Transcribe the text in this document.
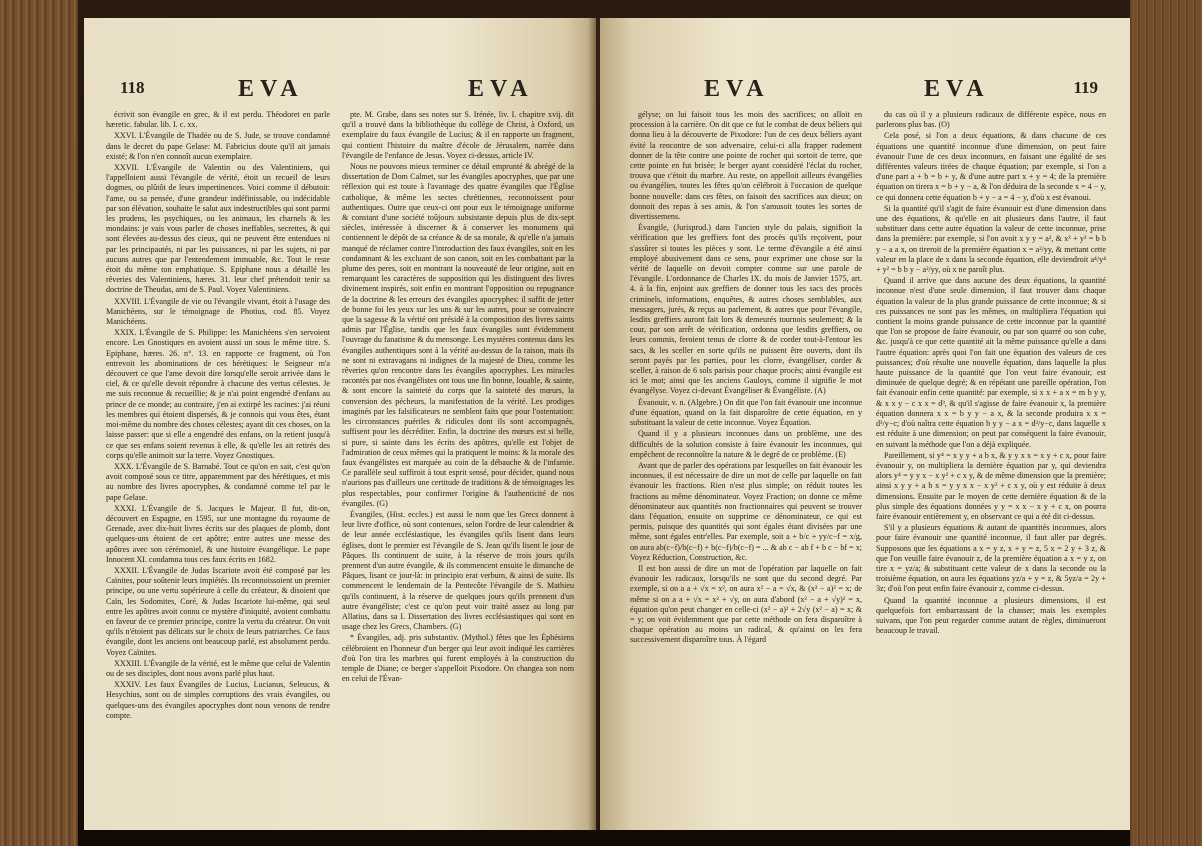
118	EVA	EVA

écrivit son évangile en grec, & il est perdu. Théodoret en parle hæretic. fabular. lib. I. c. xx.

XXVI. L'Évangile de Thadée ou de S. Jude, se trouve condamné dans le decret du pape Gelase: M. Fabricius doute qu'il ait jamais existé; & l'on n'en connoît aucun exemplaire.

XXVII. L'Évangile de Valentin ou des Valentiniens, qui l'appelloient aussi l'évangile de vérité, étoit un recueil de leurs dogmes, ou plûtôt de leurs impertinences. Voici comme il débutoit: l'ame, ou sa pensée, d'une grandeur indéfinissable, ou indécidable par son élévation, souhaite le salut aux indestructibles qui sont parmi les prudens, les psychiques, ou les animaux, les charnels & les mondains: je vais vous parler de choses ineffables, secrettes, & qui sont élevées au-dessus des cieux, qui ne peuvent être entendues ni par les principautés, ni par les puissances, ni par les sujets, ni par aucuns autres que par l'entendement immuable, &c. Tout le reste étoit du même ton emphatique. S. Epiphane nous a détaillé les rêveries des Valentiniens, hæres. 31. leur chef prétendoit tenir sa doctrine de Theudas, ami de S. Paul. Voyez Valentiniens.

XXVIII. L'Évangile de vie ou l'évangile vivant, étoit à l'usage des Manichéens, sur le témoignage de Photius, cod. 85. Voyez Manichéens.

XXIX. L'Évangile de S. Philippe: les Manichéens s'en servoient encore. Les Gnostiques en avoient aussi un sous le même titre. S. Epiphane, hæres. 26. n°. 13. en rapporte ce fragment, où l'on entrevoit les abominations de ces hérétiques: le Seigneur m'a découvert ce que l'ame devoit dire lorsqu'elle seroit arrivée dans le ciel, & ce qu'elle devoit répondre à chacune des vertus célestes. Je me suis reconnue & recueillie; & je n'ai point engendré d'enfans au prince de ce monde; au contraire, j'en ai extirpé les racines: j'ai réuni les membres qui étoient dispersés, & je connois qui vous êtes, étant moi-même du nombre des choses célestes; ayant dit ces choses, on la laisse passer: que si elle a engendré des enfans, on la retient jusqu'à ce que ses enfans soient revenus à elle, & qu'elle les ait retirés des corps qu'elle animoit sur la terre. Voyez Gnostiques.

XXX. L'Évangile de S. Barnabé. Tout ce qu'on en sait, c'est qu'on avoit composé sous ce titre, apparemment par des hérétiques, et mis au nombre des livres apocryphes, & condamné comme tel par le pape Gelase.

XXXI. L'Évangile de S. Jacques le Majeur. Il fut, dit-on, découvert en Espagne, en 1595, sur une montagne du royaume de Grenade, avec dix-huit livres écrits sur des plaques de plomb, dont quelques-uns étoient de cet apôtre; entre autres une messe des apôtres avec son cérémoniel, & une histoire évangélique. Le pape Innocent XI. condamna tous ces faux écrits en 1682.

XXXII. L'Évangile de Judas Iscariote avoit été composé par les Caïnites, pour soûtenir leurs impiétés. Ils reconnoissoient un premier principe, ou une vertu supérieure à celle du créateur, & disoient que Caïn, les Sodomites, Coré, & Judas Iscariote lui-même, qui seul entre les apôtres avoit connu ce mystère d'iniquité, avoient combattu en faveur de ce premier principe, contre la vertu du créateur. On voit qu'ils n'étoient pas délicats sur le choix de leurs patriarches. Ce faux évangile, dont les anciens ont beaucoup parlé, est absolument perdu. Voyez Caïnites.

XXXIII. L'Évangile de la vérité, est le même que celui de Valentin ou de ses disciples, dont nous avons parlé plus haut.

XXXIV. Les faux Évangiles de Lucius, Lucianus, Seleucus, & Hesychius, sont ou de simples corruptions des vrais évangiles, ou quelques-uns des évangiles apocryphes dont nous venons de rendre compte.

pte. M. Grabe, dans ses notes sur S. Irénée, liv. I. chapitre xvij. dit qu'il a trouvé dans la bibliothèque du collège de Christ, à Oxford, un exemplaire du faux évangile de Lucius; & il en rapporte un fragment, qui contient l'histoire du maître d'école de Jérusalem, narrée dans l'évangile de l'enfance de Jesus. Voyez ci-dessus, article IV.

Nous ne pouvons mieux terminer ce détail emprunté & abrégé de la dissertation de Dom Calmet, sur les évangiles apocryphes, que par une réflexion qui est toute à l'avantage des quatre évangiles que l'Église catholique, & même les sectes chrétiennes, reconnoissent pour authentiques. Outre que ceux-ci ont pour eux le témoignage uniforme & constant d'une société toûjours subsistante depuis plus de dix-sept siècles, intéressée à discerner & à conserver les monumens qui contiennent le dépôt de sa créance & de sa morale, & qu'elle n'a jamais manqué de réclamer contre l'introduction des faux évangiles, soit en les condamnant & les excluant de son canon, soit en les combattant par la plume des peres, soit en montrant la nouveauté de leur origine, soit en remarquant les caractères de supposition qui les distinguent des livres divinement inspirés, soit enfin en montrant l'opposition ou repugnance de la doctrine & les erreurs des évangiles apocryphes: il suffit de jetter de bonne foi les yeux sur les uns & sur les autres, pour se convaincre que la sagesse & la vérité ont présidé à la composition des livres saints admis par l'Église, tandis que les faux évangiles sont évidemment l'ouvrage du fanatisme & du mensonge. Les mystères contenus dans les évangiles authentiques sont à la vérité au-dessus de la raison, mais ils ne sont ni extravagans ni indignes de la majesté de Dieu, comme les rêveries qu'on rencontre dans les évangiles apocryphes. Les miracles racontés par nos évangélistes ont tous une fin bonne, louable, & sainte, & sont encore la sainteté du corps que la sainteté des mœurs, la conversion des pécheurs, la manifestation de la vérité. Les prodiges imaginés par les falsificateurs ne semblent faits que pour l'ostentation: les circonstances puériles & ridicules dont ils sont accompagnés, suffisent pour les décréditer. Enfin, la doctrine des mœurs est si belle, si pure, si sainte dans les écrits des apôtres, qu'elle est l'objet de l'admiration de ceux mêmes qui la pratiquent le moins: & la morale des faux évangélistes est marquée au coin de la débauche & de l'infamie. Ce parallèle seul suffiroit à tout esprit sensé, pour décider, quand nous n'aurions pas d'ailleurs une certitude de traditions & de témoignages les plus respectables, pour confirmer l'origine & l'authenticité de nos évangiles. (G)

Évangiles, (Hist. eccles.) est aussi le nom que les Grecs donnent à leur livre d'office, où sont contenues, selon l'ordre de leur calendrier & de leur année ecclésiastique, les évangiles qu'ils lisent dans leurs églises, dont le premier est l'évangile de S. Jean qu'ils lisent le jour de Pâques. Ils continuent de suite, à la réserve de trois jours qu'ils prennent d'un autre évangile, & ils commencent ensuite le dimanche de Pâques, lisant ce jour-là: in principio erat verbum, & ainsi de suite. Ils commencent le lendemain de la Pentecôte l'évangile de S. Mathieu qu'ils continuent, à la réserve de quelques jours qu'ils prennent d'un autre évangéliste; c'est ce qu'on peut voir traité assez au long par Allatius, dans sa I. Dissertation des livres ecclésiastiques qui sont en usage chez les Grecs, Chambers. (G)

* Évangiles, adj. pris substantiv. (Mythol.) fêtes que les Éphésiens célébroient en l'honneur d'un berger qui leur avoit indiqué les carrières d'où l'on tira les marbres qui furent employés à la construction du temple de Diane; ce berger s'appelloit Pixodore. On changea son nom en celui de l'Évan-

EVA	EVA	119

gélyse; on lui faisoit tous les mois des sacrifices; on alloit en procession à la carrière. On dit que ce fut le combat de deux béliers qui donna lieu à la découverte de Pixodore: l'un de ces deux béliers ayant évité la rencontre de son adversaire, celui-ci alla frapper rudement donner de la tête contre une pointe de rocher qui sortoit de terre, que cette pointe en fut brisée; le berger ayant considéré l'éclat du rocher, trouva que c'étoit du marbre. Au reste, on appelloit ailleurs évangélies ou évangélies, toutes les fêtes qu'on célébroit à l'occasion de quelque bonne nouvelle: dans ces fêtes, on faisoit des sacrifices aux dieux; on donnoit des repas à ses amis, & l'on s'amusoit toutes les sortes de divertissemens.

Évangile, (Jurisprud.) dans l'ancien style du palais, signifioit la vérification que les greffiers font des procès qu'ils reçoivent, pour s'assûrer si toutes les pièces y sont. Le terme d'évangile a été ainsi employé abusivement dans ce sens, pour exprimer une chose sur la vérité de laquelle on devoit compter comme sur une parole de l'évangile. L'ordonnance de Charles IX. du mois de Janvier 1575, art. 4. à la fin, enjoint aux greffiers de donner tous les sacs des procès criminels, informations, enquêtes, & autres choses semblables, aux messagers, jurés, & reçus au parlement, & autres que pour l'évangile, lesdits greffiers auront fait lors & demeurés tournois seulement; & la cour, par son arrêt de vérification, ordonna que lesdits greffiers, ou leurs commis, feroient tenus de clorre & de corder tout-à-l'entour les sacs, & les sceller en sorte qu'ils ne puissent être ouverts, dont ils seront payés par les parties, pour les clorre, évangéliser, corder & sceller, à raison de 6 sols parisis pour chaque procès; ainsi évangile est ici le mot; ainsi que les anciens Gauloys, comme il signifie le mot évangélyse. Voyez ci-devant Évangéliser & Évangéliste. (A)

Évanouir, v. n. (Algebre.) On dit que l'on fait évanouir une inconnue d'une équation, quand on la fait disparoître de cette équation, en y substituant la valeur de cette inconnue. Voyez Équation.

Quand il y a plusieurs inconnues dans un problème, une des difficultés de la solution consiste à faire évanouir les inconnues, qui empêchent de reconnoître la nature & le degré de ce problème. (E)

Avant que de parler des opérations par lesquelles on fait évanouir les inconnues, il est nécessaire de dire un mot de celle par laquelle on fait évanouir les fractions. Rien n'est plus simple; on réduit toutes les fractions au même dénominateur. Voyez Fraction; on donne ce même dénominateur aux quantités non fractionnaires qui peuvent se trouver dans l'équation, ensuite on supprime ce dénominateur, ce qui est permis, puisque des quantités qui sont égales étant divisées par une même, sont égales entr'elles. Par exemple, soit a + b/c + yy/c−f = x/g, on aura ab(c−f)/b(c−f) + b(c−f)/b(c−f) = ... & ab c − ab f + b c − bf = x; Voyez Réduction, Construction, &c.

Il est bon aussi de dire un mot de l'opération par laquelle on fait évanouir les radicaux, lorsqu'ils ne sont que du second degré. Par exemple, si on a a + √x = x², on aura x² − a = √x, & (x² − a)² = x; de même si on a a + √x = x² + √y, on aura d'abord (x² − a + √y)² = x, équation qu'on peut changer en celle-ci (x² − a)² + 2√y (x² − a) = x; & = y; on voit évidemment que par cette méthode on fera disparoître à chaque opération au moins un radical, & qu'ainsi on les fera successivement disparoître tous. À l'égard

du cas où il y a plusieurs radicaux de différente espèce, nous en parlerons plus bas. (O)

Cela posé, si l'on a deux équations, & dans chacune de ces équations une quantité inconnue d'une dimension, on peut faire évanouir l'une de ces deux inconnues, en faisant une égalité de ses différentes valeurs tirées de chaque équation; par exemple, si l'on a d'une part a + b = b + y, & d'une autre part x + y = 4; de la première équation on tirera x = b + y − a, & l'on déduira de la seconde x = 4 − y, ce qui donnera cette équation b + y − a = 4 − y, d'où x est évanoui.

Si la quantité qu'il s'agit de faire évanouir est d'une dimension dans une des équations, & qu'elle en ait plusieurs dans l'autre, il faut substituer dans cette autre équation la valeur de cette inconnue, prise dans la première: par exemple, si l'on avoit x y y = a², & x² + y² = b b y − a a x, on tireroit de la première équation x = a²/yy, & mettant cette valeur en la place de x dans la seconde équation, elle deviendroit a⁴/y⁴ + y² = b b y − a²/yy, où x ne paroît plus.

Quand il arrive que dans aucune des deux équations, la quantité inconnue n'est d'une seule dimension, il faut trouver dans chaque équation la valeur de la plus grande puissance de cette inconnue; & si ces puissances ne sont pas les mêmes, on multipliera l'équation qui contient la moins grande puissance de cette inconnue par la quantité que l'on se propose de faire évanouir, ou par son quarré ou son cube, &c. jusqu'à ce que cette quantité ait la même puissance qu'elle a dans l'autre équation: après quoi l'on fait une équation des valeurs de ces puissances; d'où résulte une nouvelle équation, dans laquelle la plus haute puissance de la quantité que l'on veut faire évanouir, est diminuée de quelque degré; & en répétant une pareille opération, l'on fait évanouir enfin cette quantité: par exemple, si x x + a x = m b y y, & x x y − c x x = d³, & qu'il s'agisse de faire évanouir x, la première équation donnera x x = b y y − a x, & la seconde produira x x = d³/y−c; d'où naîtra cette équation b y y − a x = d³/y−c, dans laquelle x est réduite à une dimension; on peut par conséquent la faire évanouir, en suivant la méthode que l'on a déjà expliquée.

Pareillement, si y⁴ = x y y + a b x, & y y x x = x y + c x, pour faire évanouir y, on multipliera la dernière équation par y, qui deviendra alors y⁴ = y y x − x y² + c x y, & de même dimension que la première; ainsi x y y + a b x = y y x x − x y² + c x y, où y est réduite à deux dimensions. Ensuite par le moyen de cette dernière équation & de la plus simple des équations données y y = x x − x y + c x, on pourra faire évanouir entièrement y, en observant ce qui a été dit ci-dessus.

S'il y a plusieurs équations & autant de quantités inconnues, alors pour faire évanouir une quantité inconnue, il faut aller par degrés. Supposons que les équations a x = y z, x + y = z, 5 x = 2 y + 3 z, & que l'on veuille faire évanouir z, de la première équation a x = y z, on tire x = yz/a; & substituant cette valeur de x dans la seconde ou la troisième équation, on aura les équations yz/a + y = z, & 5yz/a = 2y + 3z; d'où l'on peut enfin faire évanouir z, comme ci-dessus.

Quand la quantité inconnue a plusieurs dimensions, il est quelquefois fort embarrassant de la chasser; mais les exemples suivans, que l'on peut regarder comme autant de règles, diminueront beaucoup le travail.
